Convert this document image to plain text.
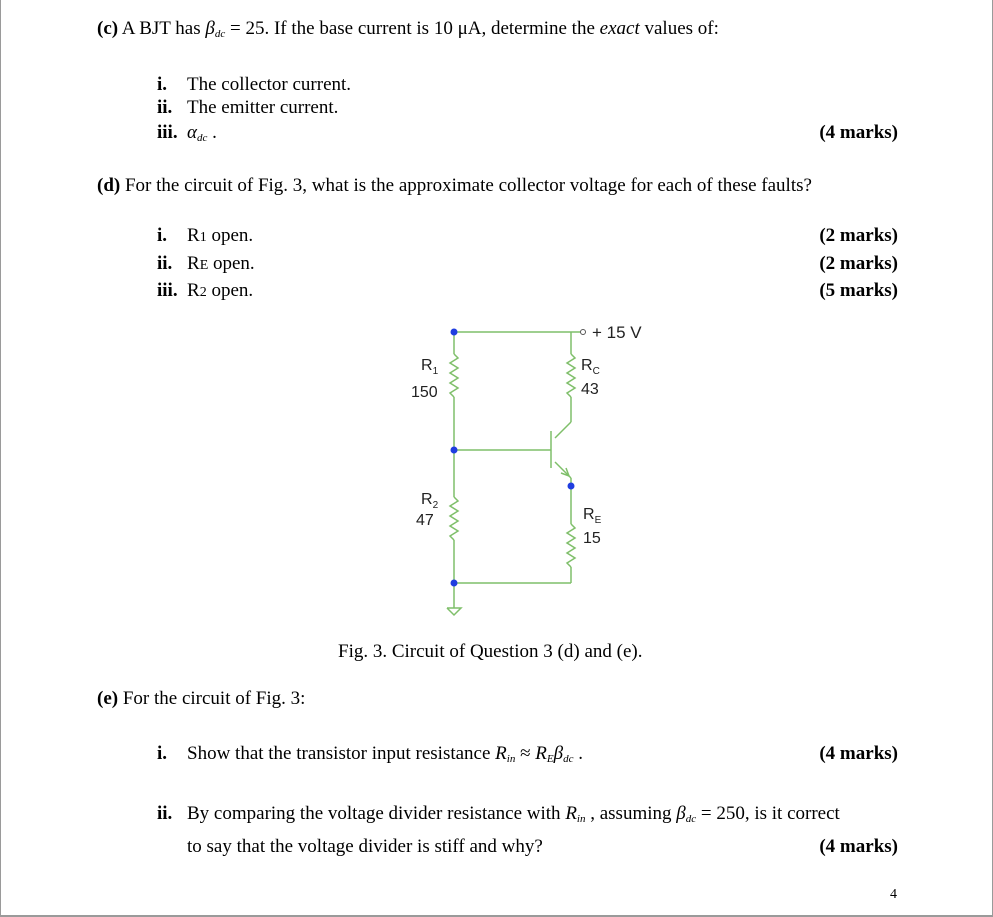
(c) A BJT has $\beta_{dc} = 25$. If the base current is 10 μA, determine the exact values of:
i. The collector current.
ii. The emitter current.
iii. $\alpha_{dc}$ .	(4 marks)
(d) For the circuit of Fig. 3, what is the approximate collector voltage for each of these faults?
i. R1 open.	(2 marks)
ii. RE open.	(2 marks)
iii. R2 open.	(5 marks)
+ 15 V
$R_1$
150
$R_2$
47
$R_C$
43
$R_E$
15
Fig. 3. Circuit of Question 3 (d) and (e).
(e) For the circuit of Fig. 3:
i. Show that the transistor input resistance $R_{in} \approx R_E\beta_{dc}$ .	(4 marks)
ii. By comparing the voltage divider resistance with $R_{in}$ , assuming $\beta_{dc} = 250$, is it correct
to say that the voltage divider is stiff and why?	(4 marks)
4
